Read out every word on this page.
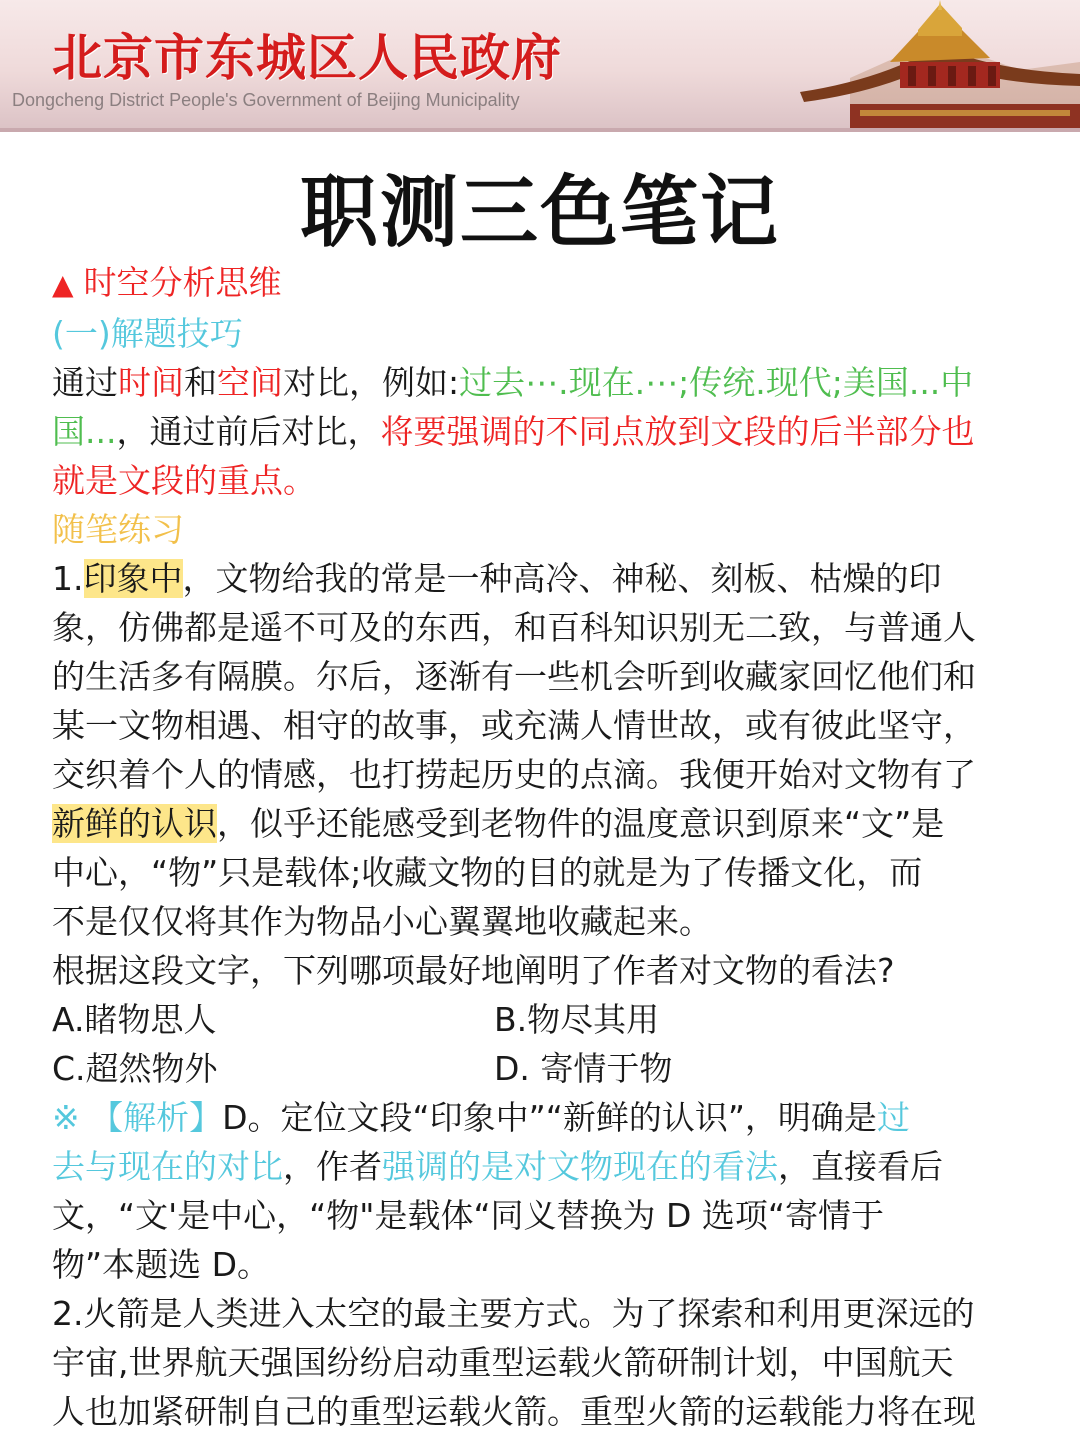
北京市东城区人民政府
Dongcheng District People's Government of Beijing Municipality
职测三色笔记
▲ 时空分析思维
(一)解题技巧
通过时间和空间对比，例如:过去⋯.现在.⋯;传统.现代;美国...中
国...，通过前后对比，将要强调的不同点放到文段的后半部分也
就是文段的重点。
随笔练习
1.印象中，文物给我的常是一种高冷、神秘、刻板、枯燥的印
象，仿佛都是遥不可及的东西，和百科知识别无二致，与普通人
的生活多有隔膜。尔后，逐渐有一些机会听到收藏家回忆他们和
某一文物相遇、相守的故事，或充满人情世故，或有彼此坚守，
交织着个人的情感，也打捞起历史的点滴。我便开始对文物有了
新鲜的认识，似乎还能感受到老物件的温度意识到原来“文”是
中心，“物”只是载体;收藏文物的目的就是为了传播文化，而
不是仅仅将其作为物品小心翼翼地收藏起来。
根据这段文字，下列哪项最好地阐明了作者对文物的看法?
A.睹物思人	B.物尽其用
C.超然物外	D. 寄情于物
※ 【解析】D。定位文段“印象中”“新鲜的认识”，明确是过
去与现在的对比，作者强调的是对文物现在的看法，直接看后
文，“文'是中心，“物"是载体“同义替换为 D 选项“寄情于
物”本题选 D。
2.火箭是人类进入太空的最主要方式。为了探索和利用更深远的
宇宙,世界航天强国纷纷启动重型运载火箭研制计划，中国航天
人也加紧研制自己的重型运载火箭。重型火箭的运载能力将在现
